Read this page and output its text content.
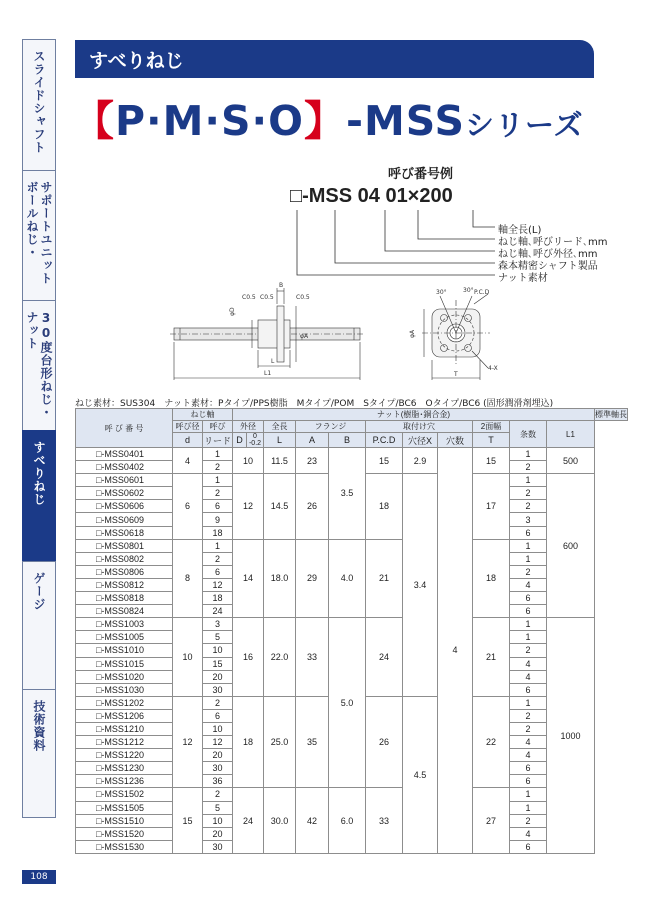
スライドシャフト
ボールねじ・ サポートユニット
30度台形ねじ・ナット
すべりねじ
ゲージ
技術資料
108
すべりねじ
【P·M·S·O】-MSSシリーズ
呼び番号例
□-MSS 04 01×200
軸全長(L)
ねじ軸､呼びリード､mm
ねじ軸､呼び外径､mm
森本精密シャフト製品
ナット素材
C0.5 C0.5	C0.5
B
φD
φA
L
L1
φA
P.C.D
30°	30°
4-X
T
ねじ素材：SUS304　ナット素材：Pタイプ/PPS樹脂　Mタイプ/POM　Sタイプ/BC6　Oタイプ/BC6 (固形潤滑剤埋込)
呼 び 番 号	ねじ軸		ナット(樹脂･銅合金)											標準軸長
	呼び径	呼び	外径		全長	フランジ		取付け穴			2面幅	条数	L1	
	d	リード	D	0
-0.2	L	A	B	P.C.D	穴径X	穴数	T			
□-MSS0401	4	1	10		11.5	23	3.5	15	2.9	4	15	1	500	
□-MSS0402		2										2		
□-MSS0601	6	1	12		14.5	26		18	3.4		17	1	600	
□-MSS0602		2										2		
□-MSS0606		6										2		
□-MSS0609		9										3		
□-MSS0618		18										6		
□-MSS0801	8	1	14		18.0	29	4.0	21			18	1		
□-MSS0802		2										1		
□-MSS0806		6										2		
□-MSS0812		12										4		
□-MSS0818		18										6		
□-MSS0824		24										6		
□-MSS1003	10	3	16		22.0	33	5.0	24			21	1	1000	
□-MSS1005		5										1		
□-MSS1010		10										2		
□-MSS1015		15										4		
□-MSS1020		20										4		
□-MSS1030		30										6		
□-MSS1202	12	2	18		25.0	35		26	4.5		22	1		
□-MSS1206		6										2		
□-MSS1210		10										2		
□-MSS1212		12										4		
□-MSS1220		20										4		
□-MSS1230		30										6		
□-MSS1236		36										6		
□-MSS1502	15	2	24		30.0	42	6.0	33			27	1		
□-MSS1505		5										1		
□-MSS1510		10										2		
□-MSS1520		20										4		
□-MSS1530		30										6		
